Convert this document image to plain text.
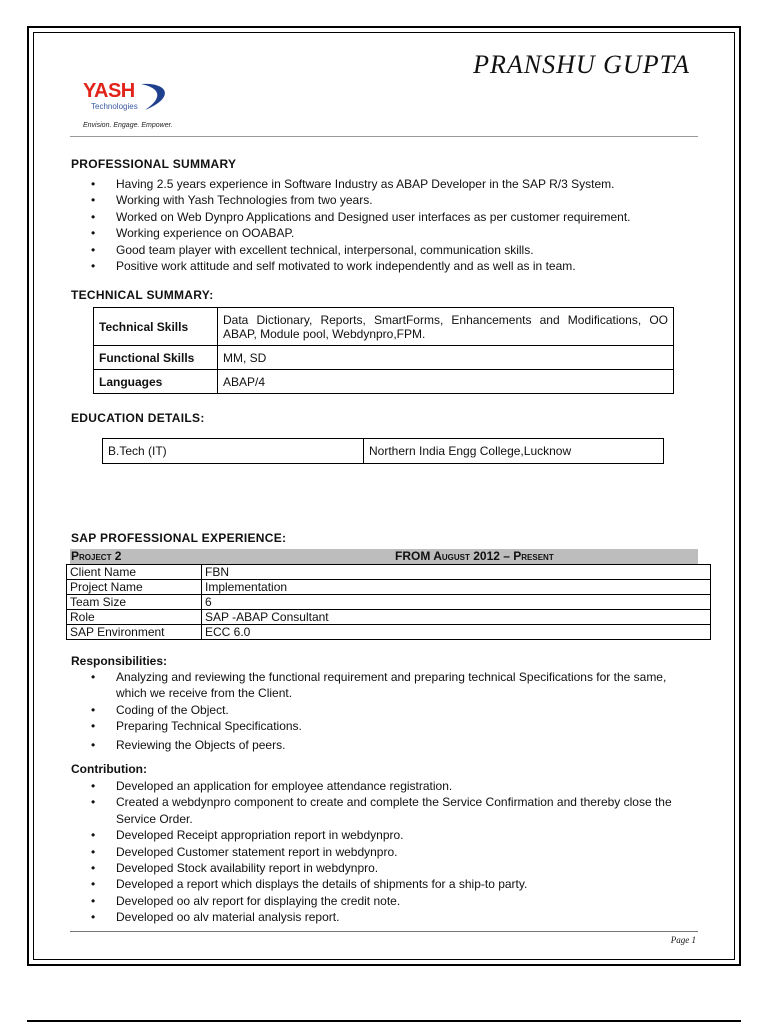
PRANSHU GUPTA
YASH
Technologies
Envision. Engage. Empower.
PROFESSIONAL SUMMARY
• Having 2.5 years experience in Software Industry as ABAP Developer in the SAP R/3 System.
• Working with Yash Technologies from two years.
• Worked on Web Dynpro Applications and Designed user interfaces as per customer requirement.
• Working experience on OOABAP.
• Good team player with excellent technical, interpersonal, communication skills.
• Positive work attitude and self motivated to work independently and as well as in team.
TECHNICAL SUMMARY:
Technical Skills	Data Dictionary, Reports, SmartForms, Enhancements and Modifications, OO ABAP, Module pool, Webdynpro,FPM.
Functional Skills	MM, SD
Languages	ABAP/4
EDUCATION DETAILS:
B.Tech (IT)	Northern India Engg College,Lucknow
SAP PROFESSIONAL EXPERIENCE:
Project 2	FROM August 2012 – Present
Client Name	FBN
Project Name	Implementation
Team Size	6
Role	SAP -ABAP Consultant
SAP Environment	ECC 6.0
Responsibilities:
• Analyzing and reviewing the functional requirement and preparing technical Specifications for the same, which we receive from the Client.
• Coding of the Object.
• Preparing Technical Specifications.
• Reviewing the Objects of peers.
Contribution:
• Developed an application for employee attendance registration.
• Created a webdynpro component to create and complete the Service Confirmation and thereby close the Service Order.
• Developed Receipt appropriation report in webdynpro.
• Developed Customer statement report in webdynpro.
• Developed Stock availability report in webdynpro.
• Developed a report which displays the details of shipments for a ship-to party.
• Developed oo alv report for displaying the credit note.
• Developed oo alv material analysis report.
Page 1
